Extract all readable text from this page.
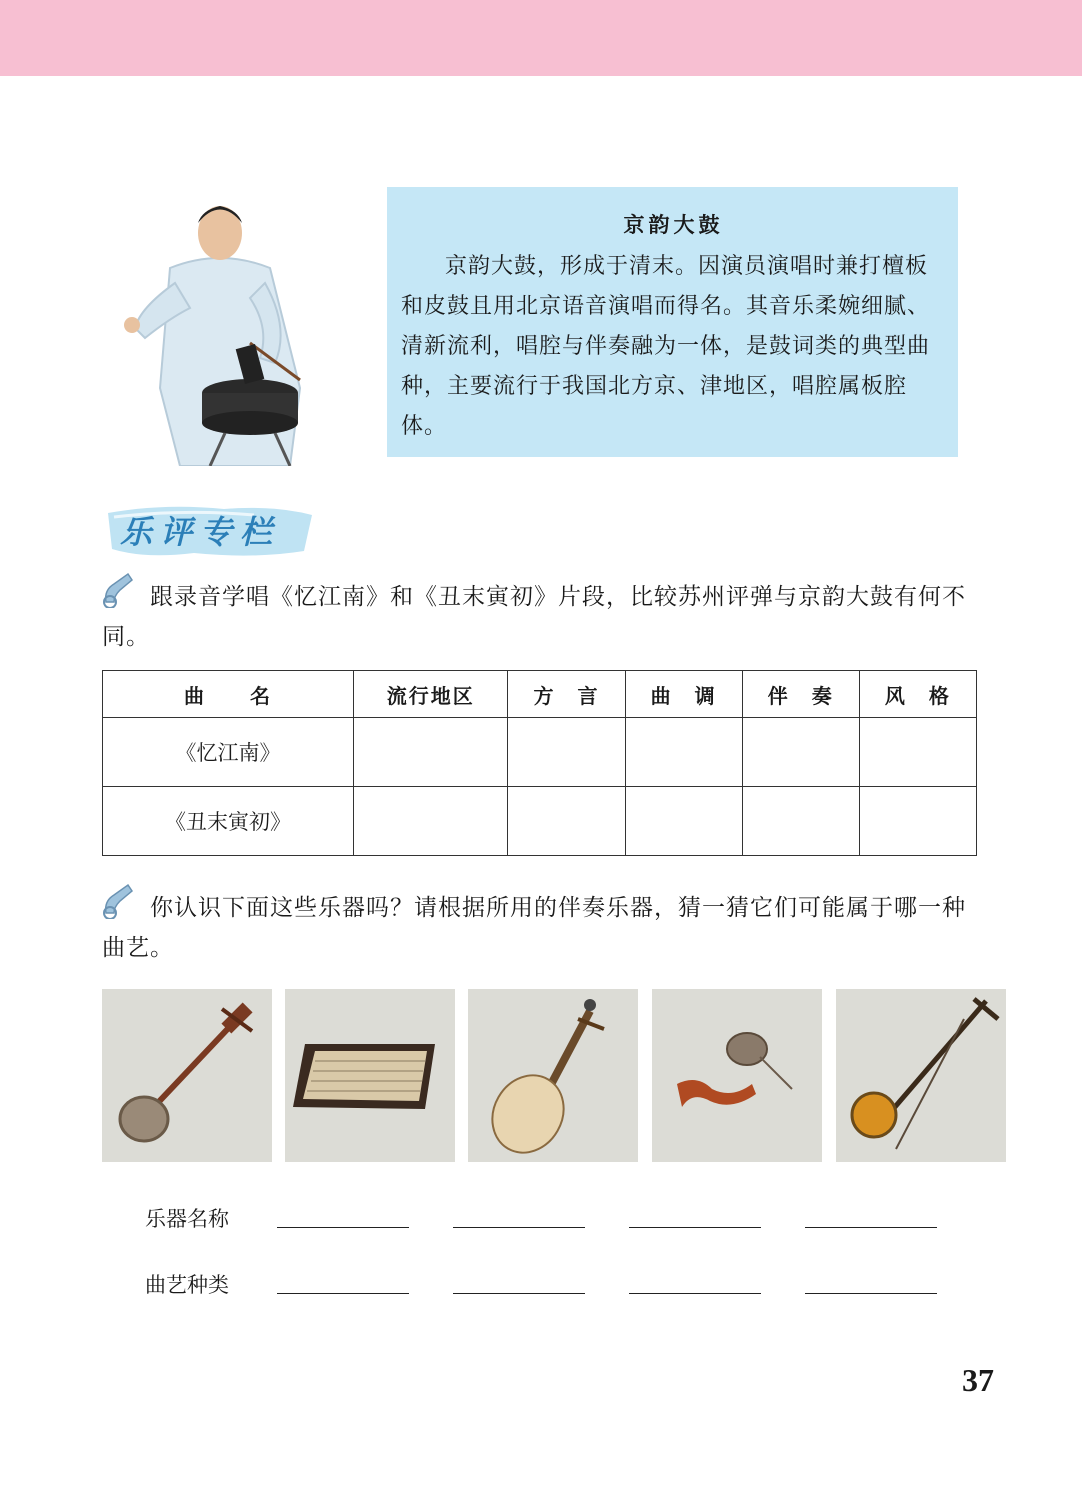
京韵大鼓

京韵大鼓，形成于清末。因演员演唱时兼打檀板和皮鼓且用北京语音演唱而得名。其音乐柔婉细腻、清新流利，唱腔与伴奏融为一体，是鼓词类的典型曲种，主要流行于我国北方京、津地区，唱腔属板腔体。

乐评专栏

跟录音学唱《忆江南》和《丑末寅初》片段，比较苏州评弹与京韵大鼓有何不同。

曲　　名	流行地区	方　言	曲　调	伴　奏	风　格
《忆江南》					
《丑末寅初》					

你认识下面这些乐器吗？请根据所用的伴奏乐器，猜一猜它们可能属于哪一种曲艺。

乐器名称
曲艺种类
37
